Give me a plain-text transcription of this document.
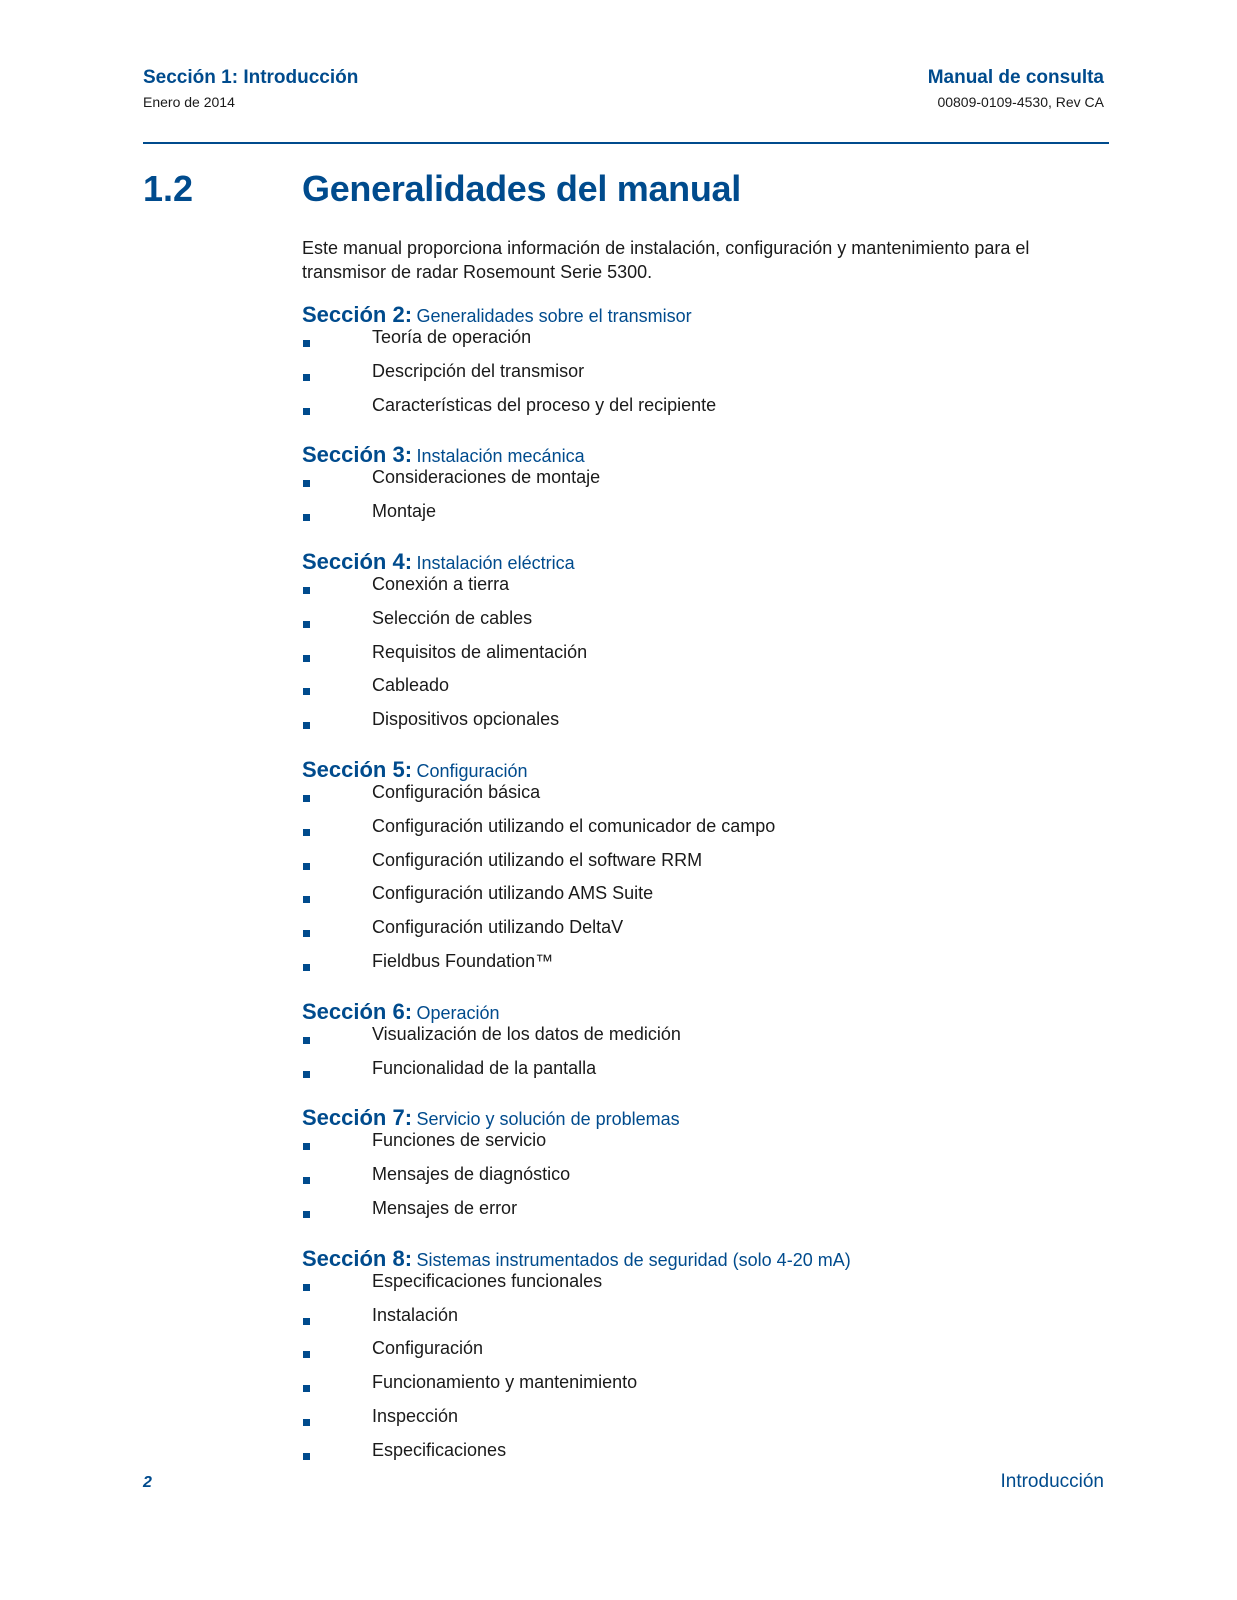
Sección 1: Introducción
Enero de 2014
Manual de consulta
00809-0109-4530, Rev CA
1.2	Generalidades del manual

Este manual proporciona información de instalación, configuración y mantenimiento para el transmisor de radar Rosemount Serie 5300.

Sección 2: Generalidades sobre el transmisor
Teoría de operación
Descripción del transmisor
Características del proceso y del recipiente
Sección 3: Instalación mecánica
Consideraciones de montaje
Montaje
Sección 4: Instalación eléctrica
Conexión a tierra
Selección de cables
Requisitos de alimentación
Cableado
Dispositivos opcionales
Sección 5: Configuración
Configuración básica
Configuración utilizando el comunicador de campo
Configuración utilizando el software RRM
Configuración utilizando AMS Suite
Configuración utilizando DeltaV
Fieldbus Foundation™
Sección 6: Operación
Visualización de los datos de medición
Funcionalidad de la pantalla
Sección 7: Servicio y solución de problemas
Funciones de servicio
Mensajes de diagnóstico
Mensajes de error
Sección 8: Sistemas instrumentados de seguridad (solo 4-20 mA)
Especificaciones funcionales
Instalación
Configuración
Funcionamiento y mantenimiento
Inspección
Especificaciones
2	Introducción
